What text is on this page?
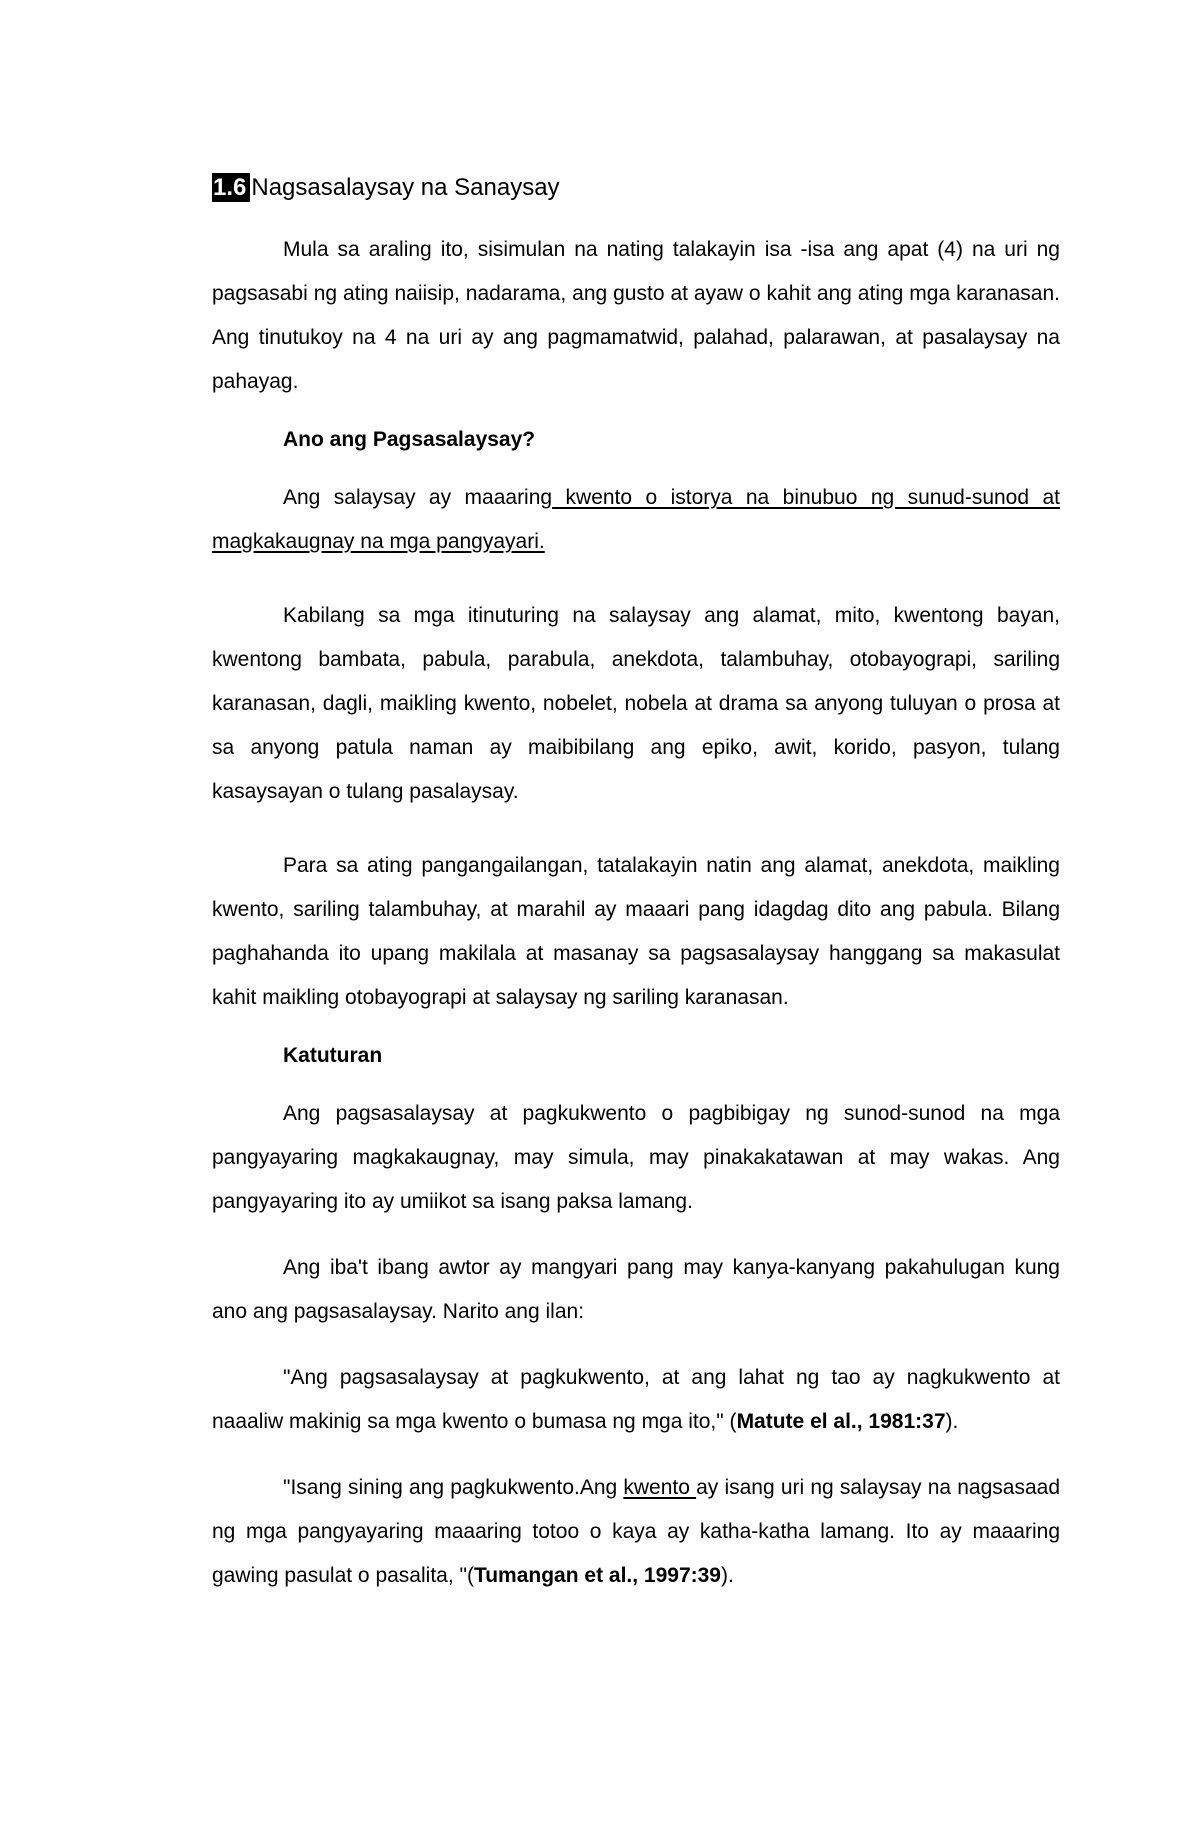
1.6 Nagsasalaysay na Sanaysay

Mula sa araling ito, sisimulan na nating talakayin isa -isa ang apat (4) na uri ng pagsasabi ng ating naiisip, nadarama, ang gusto at ayaw o kahit ang ating mga karanasan. Ang tinutukoy na 4 na uri ay ang pagmamatwid, palahad, palarawan, at pasalaysay na pahayag.

Ano ang Pagsasalaysay?

Ang salaysay ay maaaring kwento o istorya na binubuo ng sunud-sunod at magkakaugnay na mga pangyayari.

Kabilang sa mga itinuturing na salaysay ang alamat, mito, kwentong bayan, kwentong bambata, pabula, parabula, anekdota, talambuhay, otobayograpi, sariling karanasan, dagli, maikling kwento, nobelet, nobela at drama sa anyong tuluyan o prosa at sa anyong patula naman ay maibibilang ang epiko, awit, korido, pasyon, tulang kasaysayan o tulang pasalaysay.

Para sa ating pangangailangan, tatalakayin natin ang alamat, anekdota, maikling kwento, sariling talambuhay, at marahil ay maaari pang idagdag dito ang pabula. Bilang paghahanda ito upang makilala at masanay sa pagsasalaysay hanggang sa makasulat kahit maikling otobayograpi at salaysay ng sariling karanasan.

Katuturan

Ang pagsasalaysay at pagkukwento o pagbibigay ng sunod-sunod na mga pangyayaring magkakaugnay, may simula, may pinakakatawan at may wakas. Ang pangyayaring ito ay umiikot sa isang paksa lamang.

Ang iba't ibang awtor ay mangyari pang may kanya-kanyang pakahulugan kung ano ang pagsasalaysay. Narito ang ilan:

"Ang pagsasalaysay at pagkukwento, at ang lahat ng tao ay nagkukwento at naaaliw makinig sa mga kwento o bumasa ng mga ito," (Matute el al., 1981:37).

"Isang sining ang pagkukwento.Ang kwento ay isang uri ng salaysay na nagsasaad ng mga pangyayaring maaaring totoo o kaya ay katha-katha lamang. Ito ay maaaring gawing pasulat o pasalita, "(Tumangan et al., 1997:39).
